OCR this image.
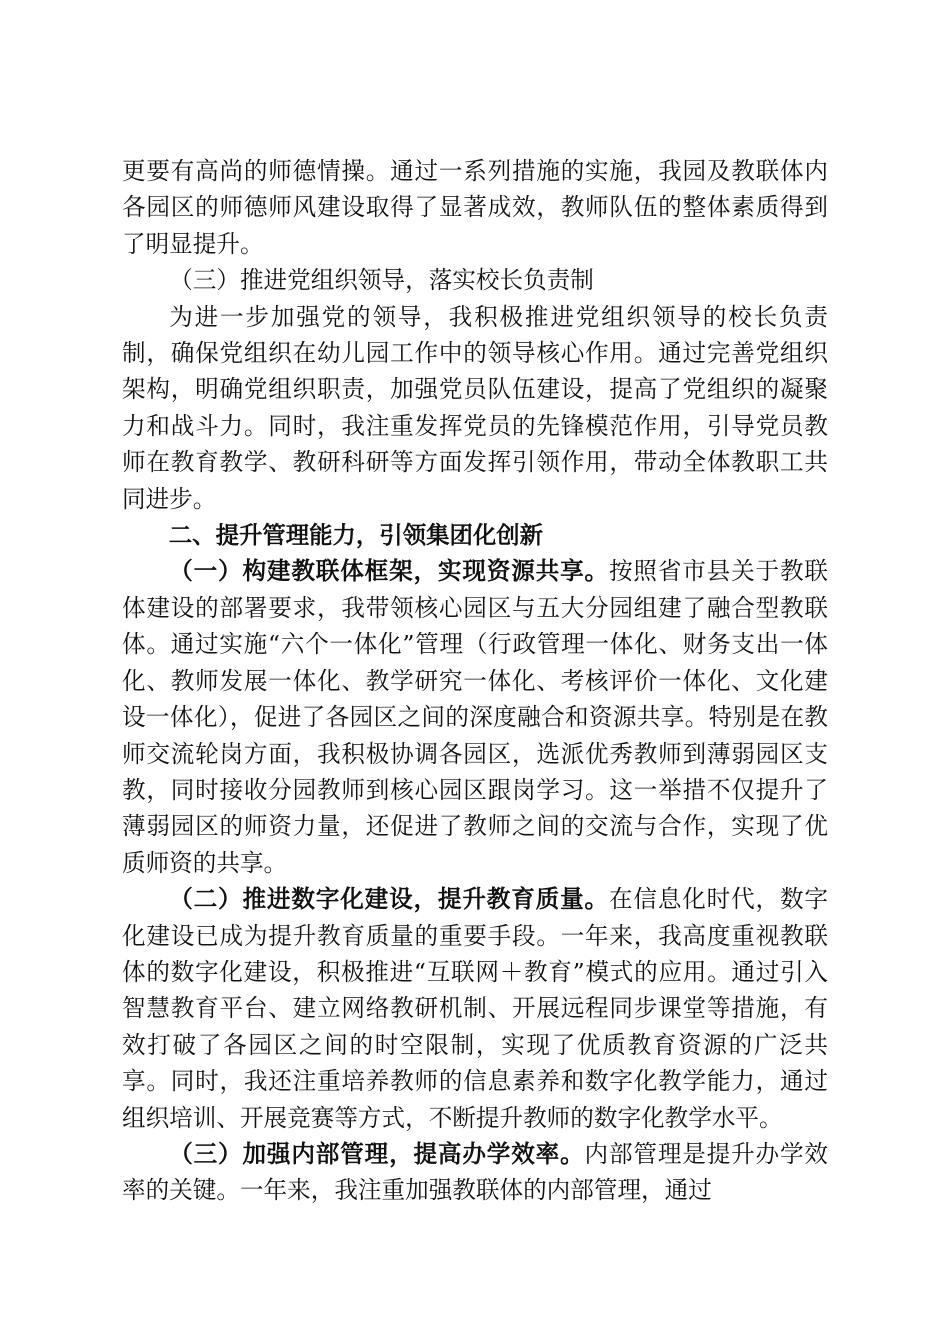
更要有高尚的师德情操。通过一系列措施的实施，我园及教联体内各园区的师德师风建设取得了显著成效，教师队伍的整体素质得到了明显提升。

（三）推进党组织领导，落实校长负责制

为进一步加强党的领导，我积极推进党组织领导的校长负责制，确保党组织在幼儿园工作中的领导核心作用。通过完善党组织架构，明确党组织职责，加强党员队伍建设，提高了党组织的凝聚力和战斗力。同时，我注重发挥党员的先锋模范作用，引导党员教师在教育教学、教研科研等方面发挥引领作用，带动全体教职工共同进步。

二、提升管理能力，引领集团化创新

（一）构建教联体框架，实现资源共享。按照省市县关于教联体建设的部署要求，我带领核心园区与五大分园组建了融合型教联体。通过实施“六个一体化”管理（行政管理一体化、财务支出一体化、教师发展一体化、教学研究一体化、考核评价一体化、文化建设一体化），促进了各园区之间的深度融合和资源共享。特别是在教师交流轮岗方面，我积极协调各园区，选派优秀教师到薄弱园区支教，同时接收分园教师到核心园区跟岗学习。这一举措不仅提升了薄弱园区的师资力量，还促进了教师之间的交流与合作，实现了优质师资的共享。

（二）推进数字化建设，提升教育质量。在信息化时代，数字化建设已成为提升教育质量的重要手段。一年来，我高度重视教联体的数字化建设，积极推进“互联网＋教育”模式的应用。通过引入智慧教育平台、建立网络教研机制、开展远程同步课堂等措施，有效打破了各园区之间的时空限制，实现了优质教育资源的广泛共享。同时，我还注重培养教师的信息素养和数字化教学能力，通过组织培训、开展竞赛等方式，不断提升教师的数字化教学水平。

（三）加强内部管理，提高办学效率。内部管理是提升办学效率的关键。一年来，我注重加强教联体的内部管理，通过
